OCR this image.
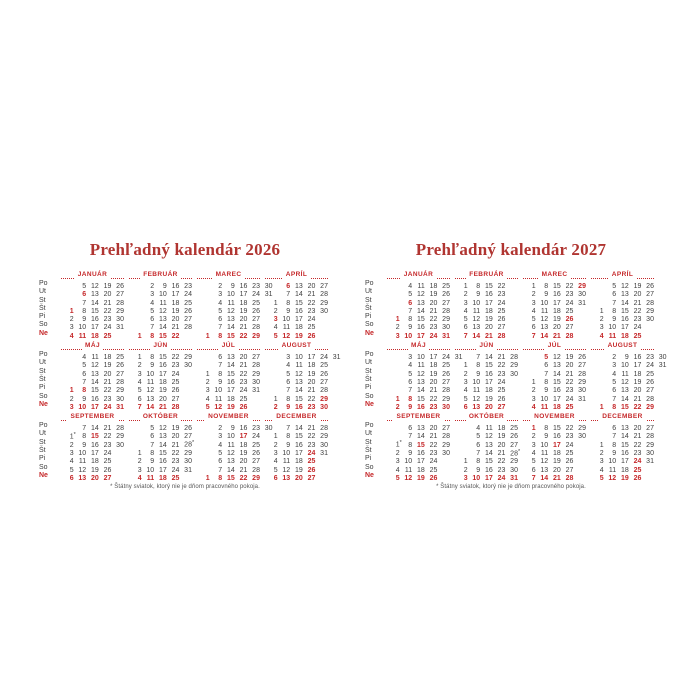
Prehľadný kalendár 2026
Po
Ut
St
Št
Pi
So
Ne
JANUÁR
5 12 19 26
6 13 20 27
7 14 21 28
1 8 15 22 29
2 9 16 23 30
3 10 17 24 31
4 11 18 25
FEBRUÁR
2 9 16 23
3 10 17 24
4 11 18 25
5 12 19 26
6 13 20 27
7 14 21 28
1 8 15 22
MAREC
2 9 16 23 30
3 10 17 24 31
4 11 18 25
5 12 19 26
6 13 20 27
7 14 21 28
1 8 15 22 29
APRÍL
6 13 20 27
7 14 21 28
1 8 15 22 29
2 9 16 23 30
3 10 17 24
4 11 18 25
5 12 19 26
Po
Ut
St
Št
Pi
So
Ne
MÁJ
4 11 18 25
5 12 19 26
6 13 20 27
7 14 21 28
1 8 15 22 29
2 9 16 23 30
3 10 17 24 31
JÚN
1 8 15 22 29
2 9 16 23 30
3 10 17 24
4 11 18 25
5 12 19 26
6 13 20 27
7 14 21 28
JÚL
6 13 20 27
7 14 21 28
1 8 15 22 29
2 9 16 23 30
3 10 17 24 31
4 11 18 25
5 12 19 26
AUGUST
3 10 17 24 31
4 11 18 25
5 12 19 26
6 13 20 27
7 14 21 28
1 8 15 22 29
2 9 16 23 30
Po
Ut
St
Št
Pi
So
Ne
SEPTEMBER
7 14 21 28
1* 8 15 22 29
2 9 16 23 30
3 10 17 24
4 11 18 25
5 12 19 26
6 13 20 27
OKTÓBER
5 12 19 26
6 13 20 27
7 14 21 28*
1 8 15 22 29
2 9 16 23 30
3 10 17 24 31
4 11 18 25
NOVEMBER
2 9 16 23 30
3 10 17 24
4 11 18 25
5 12 19 26
6 13 20 27
7 14 21 28
1 8 15 22 29
DECEMBER
7 14 21 28
1 8 15 22 29
2 9 16 23 30
3 10 17 24 31
4 11 18 25
5 12 19 26
6 13 20 27
* Štátny sviatok, ktorý nie je dňom pracovného pokoja.
Prehľadný kalendár 2027
Po
Ut
St
Št
Pi
So
Ne
JANUÁR
4 11 18 25
5 12 19 26
6 13 20 27
7 14 21 28
1 8 15 22 29
2 9 16 23 30
3 10 17 24 31
FEBRUÁR
1 8 15 22
2 9 16 23
3 10 17 24
4 11 18 25
5 12 19 26
6 13 20 27
7 14 21 28
MAREC
1 8 15 22 29
2 9 16 23 30
3 10 17 24 31
4 11 18 25
5 12 19 26
6 13 20 27
7 14 21 28
APRÍL
5 12 19 26
6 13 20 27
7 14 21 28
1 8 15 22 29
2 9 16 23 30
3 10 17 24
4 11 18 25
Po
Ut
St
Št
Pi
So
Ne
MÁJ
3 10 17 24 31
4 11 18 25
5 12 19 26
6 13 20 27
7 14 21 28
1 8 15 22 29
2 9 16 23 30
JÚN
7 14 21 28
1 8 15 22 29
2 9 16 23 30
3 10 17 24
4 11 18 25
5 12 19 26
6 13 20 27
JÚL
5 12 19 26
6 13 20 27
7 14 21 28
1 8 15 22 29
2 9 16 23 30
3 10 17 24 31
4 11 18 25
AUGUST
2 9 16 23 30
3 10 17 24 31
4 11 18 25
5 12 19 26
6 13 20 27
7 14 21 28
1 8 15 22 29
Po
Ut
St
Št
Pi
So
Ne
SEPTEMBER
6 13 20 27
7 14 21 28
1* 8 15 22 29
2 9 16 23 30
3 10 17 24
4 11 18 25
5 12 19 26
OKTÓBER
4 11 18 25
5 12 19 26
6 13 20 27
7 14 21 28*
1 8 15 22 29
2 9 16 23 30
3 10 17 24 31
NOVEMBER
1 8 15 22 29
2 9 16 23 30
3 10 17 24
4 11 18 25
5 12 19 26
6 13 20 27
7 14 21 28
DECEMBER
6 13 20 27
7 14 21 28
1 8 15 22 29
2 9 16 23 30
3 10 17 24 31
4 11 18 25
5 12 19 26
* Štátny sviatok, ktorý nie je dňom pracovného pokoja.
